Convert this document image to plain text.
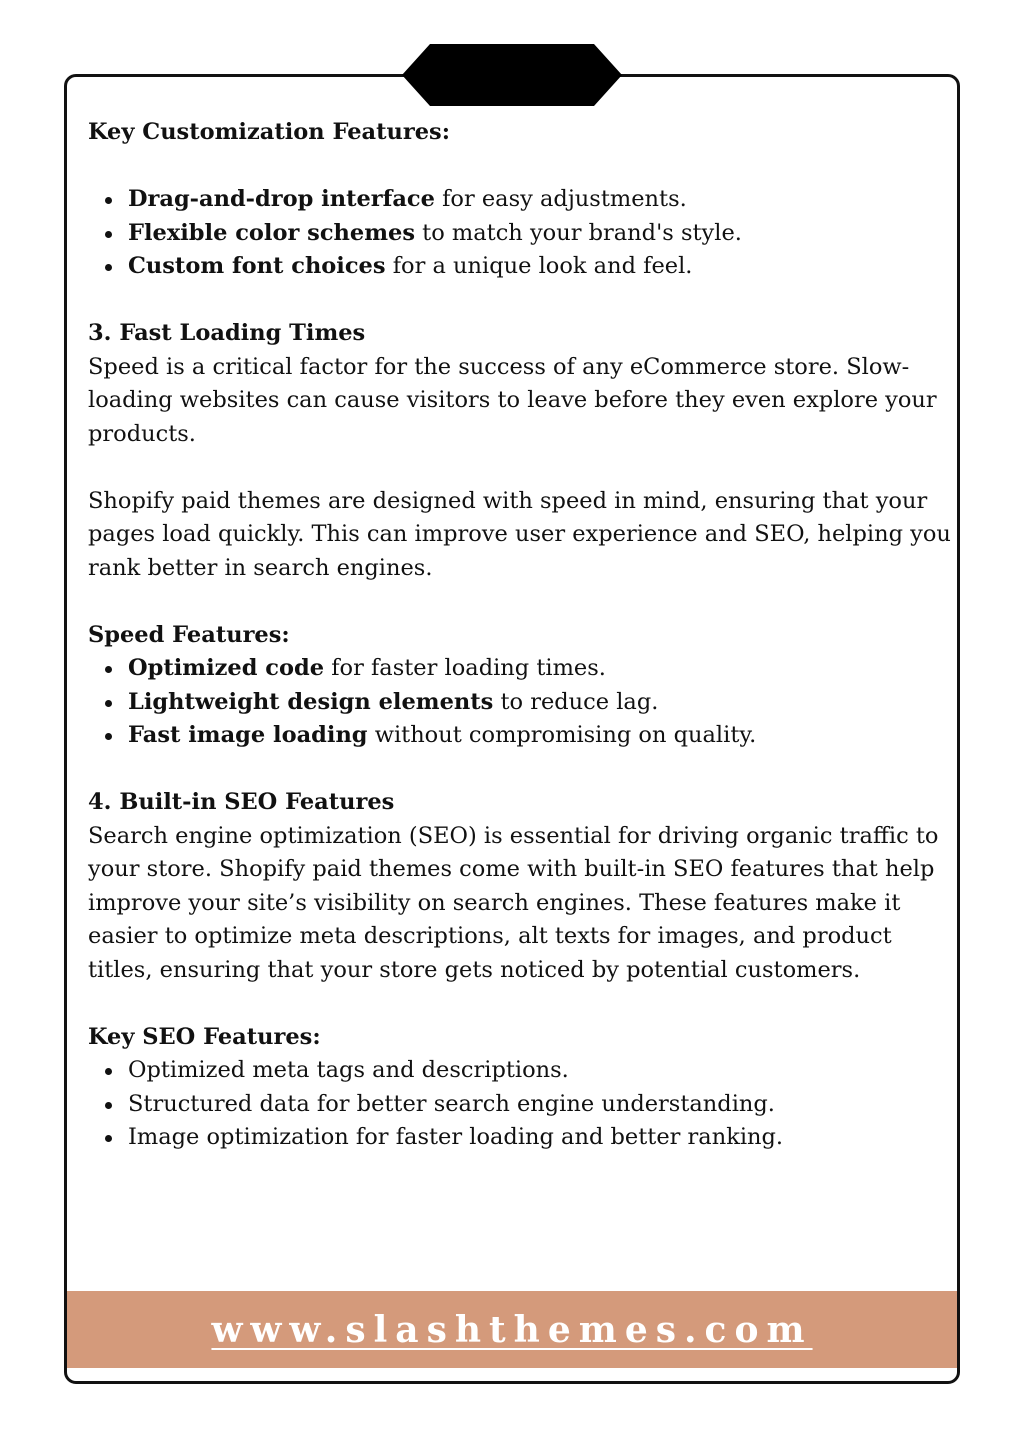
Key Customization Features:

Drag-and-drop interface for easy adjustments.
Flexible color schemes to match your brand's style.
Custom font choices for a unique look and feel.

3. Fast Loading Times

Speed is a critical factor for the success of any eCommerce store. Slow-loading websites can cause visitors to leave before they even explore your products.

Shopify paid themes are designed with speed in mind, ensuring that your pages load quickly. This can improve user experience and SEO, helping you rank better in search engines.

Speed Features:

Optimized code for faster loading times.
Lightweight design elements to reduce lag.
Fast image loading without compromising on quality.

4. Built-in SEO Features

Search engine optimization (SEO) is essential for driving organic traffic to your store. Shopify paid themes come with built-in SEO features that help improve your site’s visibility on search engines. These features make it easier to optimize meta descriptions, alt texts for images, and product titles, ensuring that your store gets noticed by potential customers.

Key SEO Features:

Optimized meta tags and descriptions.
Structured data for better search engine understanding.
Image optimization for faster loading and better ranking.
www.slashthemes.com
